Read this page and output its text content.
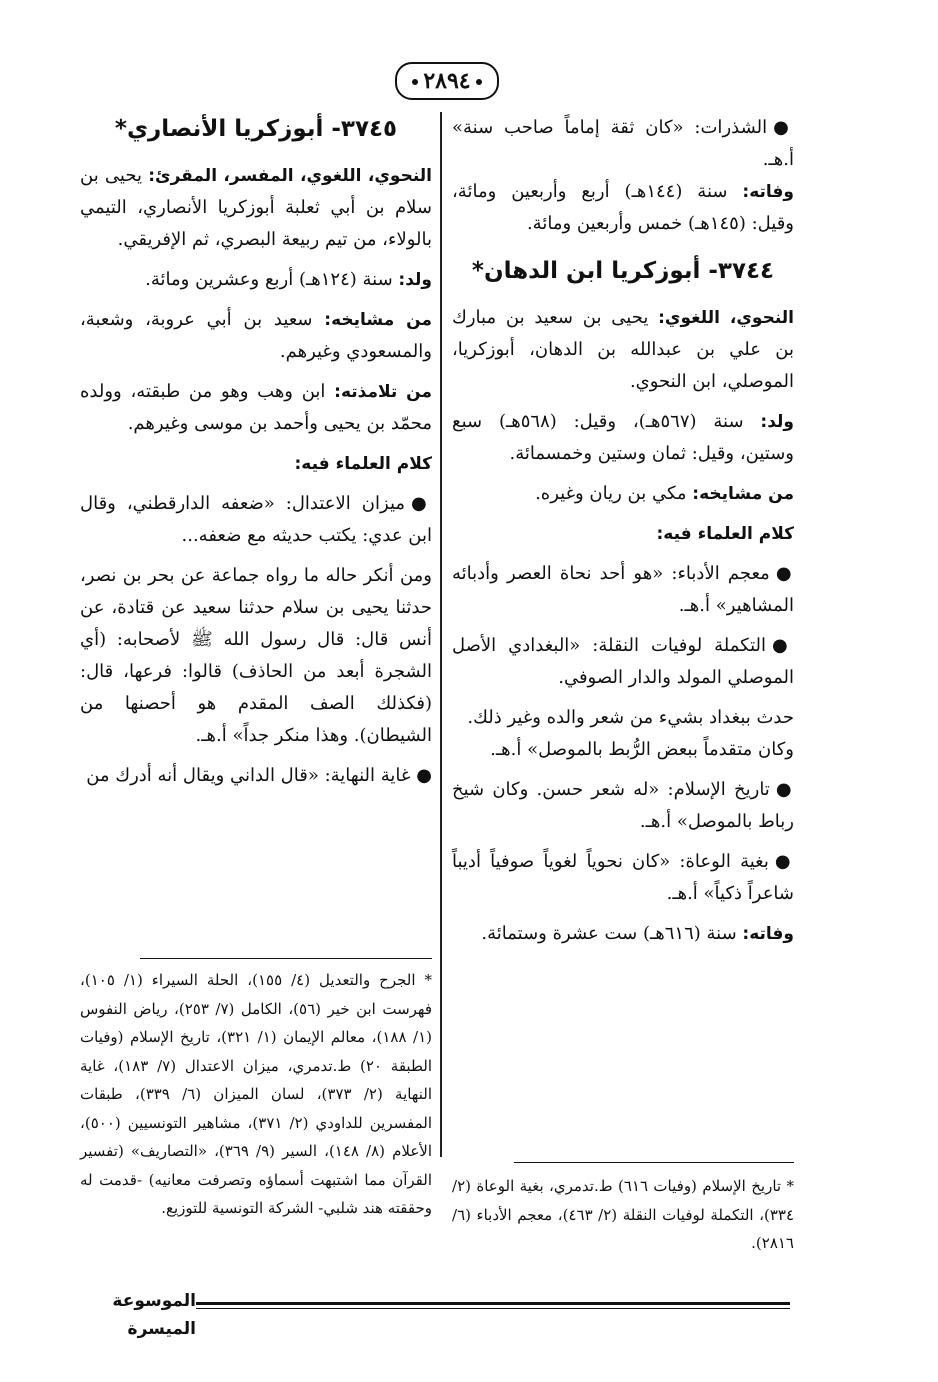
٢٨٩٤

●الشذرات: «كان ثقة إماماً صاحب سنة» أ.هـ.

وفاته: سنة (١٤٤هـ) أربع وأربعين ومائة، وقيل: (١٤٥هـ) خمس وأربعين ومائة.

٣٧٤٤- أبوزكريا ابن الدهان*

النحوي، اللغوي: يحيى بن سعيد بن مبارك بن علي بن عبدالله بن الدهان، أبوزكريا، الموصلي، ابن النحوي.

ولد: سنة (٥٦٧هـ)، وقيل: (٥٦٨هـ) سبع وستين، وقيل: ثمان وستين وخمسمائة.

من مشايخه: مكي بن ريان وغيره.

كلام العلماء فيه:

●معجم الأدباء: «هو أحد نحاة العصر وأدبائه المشاهير» أ.هـ.

●التكملة لوفيات النقلة: «البغدادي الأصل الموصلي المولد والدار الصوفي.

حدث ببغداد بشيء من شعر والده وغير ذلك.

وكان متقدماً ببعض الرُّبط بالموصل» أ.هـ.

●تاريخ الإسلام: «له شعر حسن. وكان شيخ رباط بالموصل» أ.هـ.

●بغية الوعاة: «كان نحوياً لغوياً صوفياً أديباً شاعراً ذكياً» أ.هـ.

وفاته: سنة (٦١٦هـ) ست عشرة وستمائة.

٣٧٤٥- أبوزكريا الأنصاري*

النحوي، اللغوي، المفسر، المقرئ: يحيى بن سلام بن أبي ثعلبة أبوزكريا الأنصاري، التيمي بالولاء، من تيم ربيعة البصري، ثم الإفريقي.

ولد: سنة (١٢٤هـ) أربع وعشرين ومائة.

من مشايخه: سعيد بن أبي عروبة، وشعبة، والمسعودي وغيرهم.

من تلامذته: ابن وهب وهو من طبقته، وولده محمّد بن يحيى وأحمد بن موسى وغيرهم.

كلام العلماء فيه:

●ميزان الاعتدال: «ضعفه الدارقطني، وقال ابن عدي: يكتب حديثه مع ضعفه...

ومن أنكر حاله ما رواه جماعة عن بحر بن نصر، حدثنا يحيى بن سلام حدثنا سعيد عن قتادة، عن أنس قال: قال رسول الله ﷺ لأصحابه: (أي الشجرة أبعد من الحاذف) قالوا: فرعها، قال: (فكذلك الصف المقدم هو أحصنها من الشيطان). وهذا منكر جداً» أ.هـ.

●غاية النهاية: «قال الداني ويقال أنه أدرك من

* تاريخ الإسلام (وفيات ٦١٦) ط.تدمري، بغية الوعاة (٢/ ٣٣٤)، التكملة لوفيات النقلة (٢/ ٤٦٣)، معجم الأدباء (٦/ ٢٨١٦).
* الجرح والتعديل (٤/ ١٥٥)، الحلة السيراء (١/ ١٠٥)، فهرست ابن خير (٥٦)، الكامل (٧/ ٢٥٣)، رياض النفوس (١/ ١٨٨)، معالم الإيمان (١/ ٣٢١)، تاريخ الإسلام (وفيات الطبقة ٢٠) ط.تدمري، ميزان الاعتدال (٧/ ١٨٣)، غاية النهاية (٢/ ٣٧٣)، لسان الميزان (٦/ ٣٣٩)، طبقات المفسرين للداودي (٢/ ٣٧١)، مشاهير التونسيين (٥٠٠)، الأعلام (٨/ ١٤٨)، السير (٩/ ٣٦٩)، «التصاريف» (تفسير القرآن مما اشتبهت أسماؤه وتصرفت معانيه) -قدمت له وحققته هند شلبي- الشركة التونسية للتوزيع.
الموسوعة الميسرة
